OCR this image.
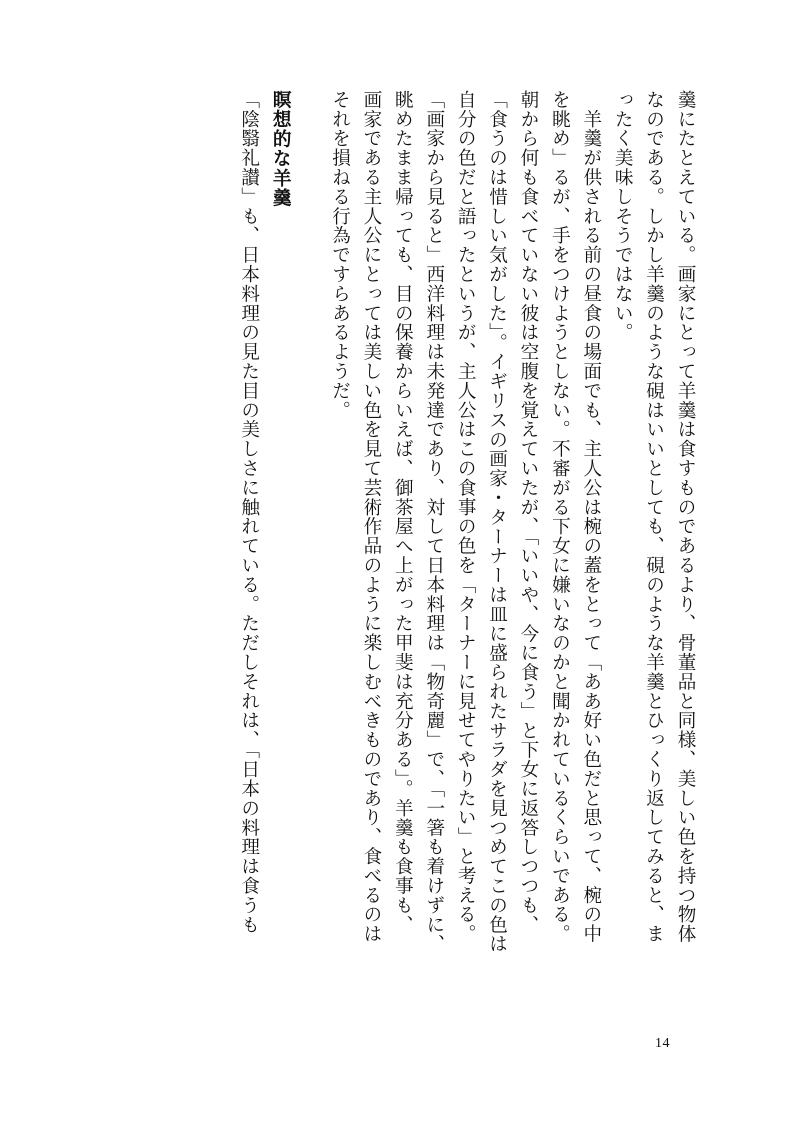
羹にたとえている。画家にとって羊羹は食すものであるより、骨董品と同様、美しい色を持つ物体

なのである。しかし羊羹のような硯はいいとしても、硯のような羊羹とひっくり返してみると、ま

ったく美味しそうではない。

　羊羹が供される前の昼食の場面でも、主人公は椀の蓋をとって「ああ好い色だと思って、椀の中

を眺め」るが、手をつけようとしない。不審がる下女に嫌いなのかと聞かれているくらいである。

朝から何も食べていない彼は空腹を覚えていたが、「いいや、今に食う」と下女に返答しつつも、

「食うのは惜しい気がした」。イギリスの画家・ターナーは皿に盛られたサラダを見つめてこの色は

自分の色だと語ったというが、主人公はこの食事の色を「ターナーに見せてやりたい」と考える。

「画家から見ると」西洋料理は未発達であり、対して日本料理は「物奇麗」で、「一箸も着けずに、

眺めたまま帰っても、目の保養からいえば、御茶屋へ上がった甲斐は充分ある」。羊羹も食事も、

画家である主人公にとっては美しい色を見て芸術作品のように楽しむべきものであり、食べるのは

それを損ねる行為ですらあるようだ。

瞑想的な羊羹

「陰翳礼讃」も、日本料理の見た目の美しさに触れている。ただしそれは、「日本の料理は食うも

14
